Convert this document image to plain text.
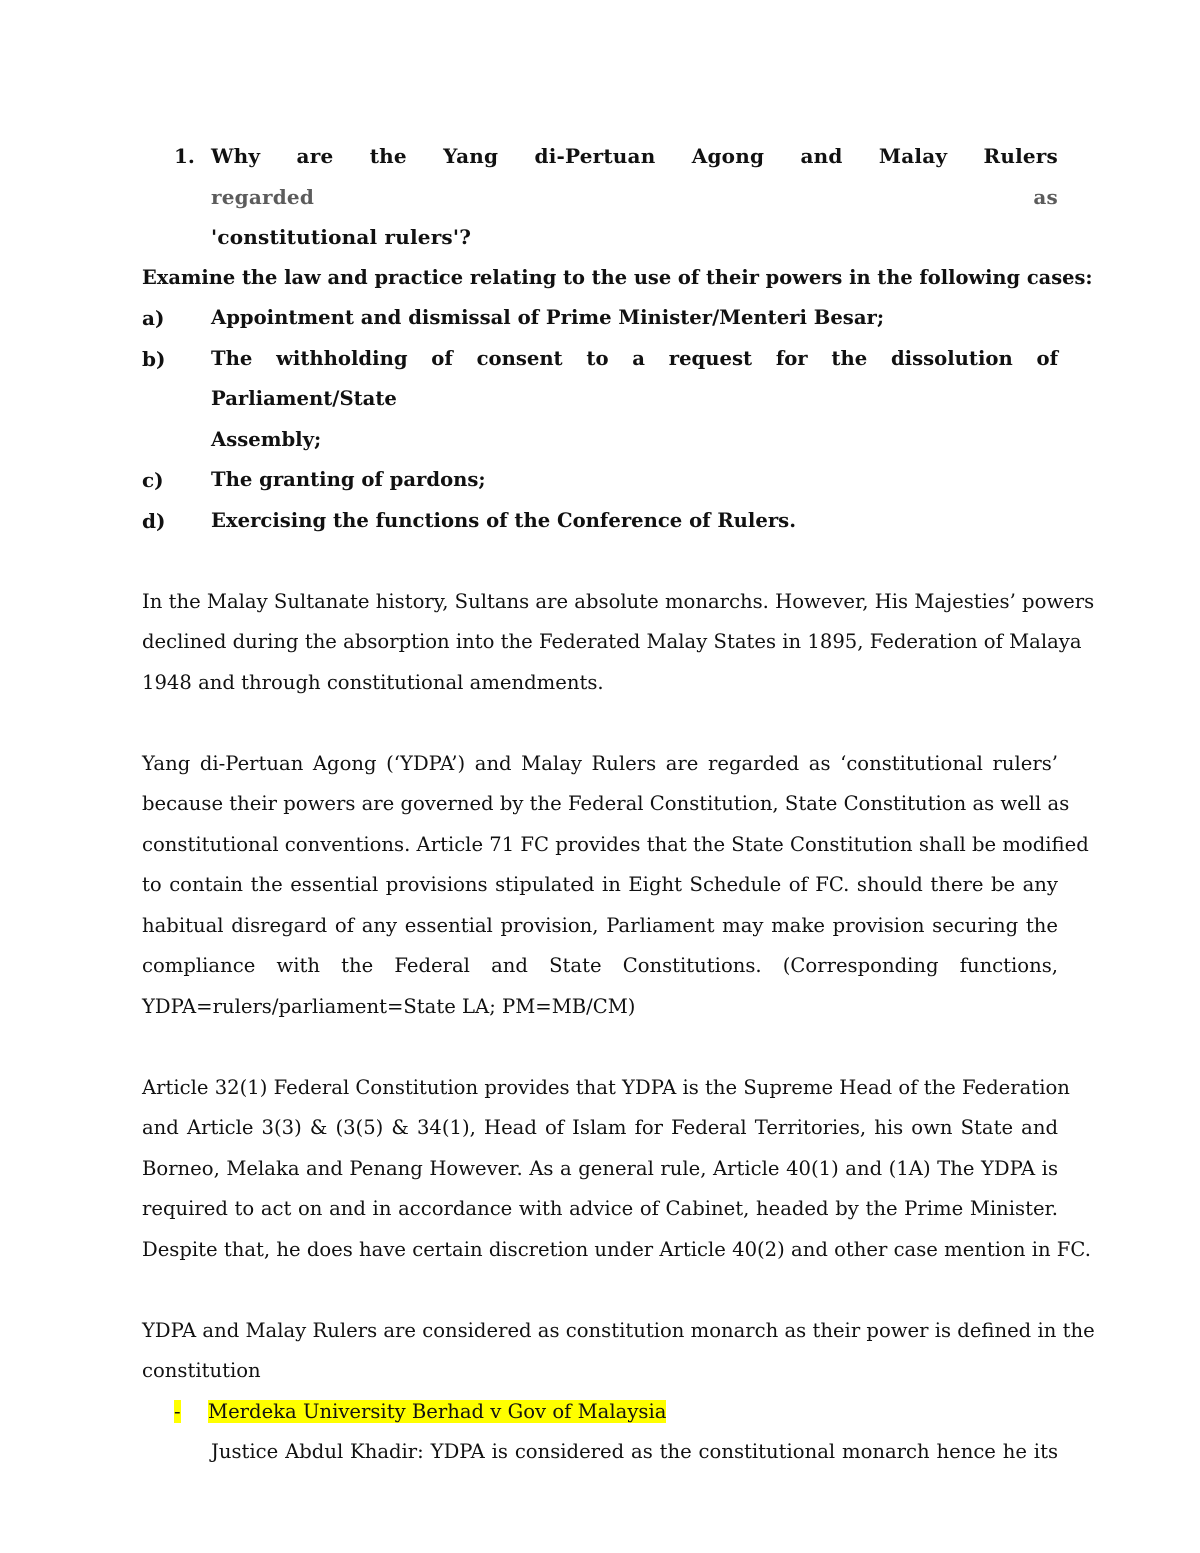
1. Why are the Yang di-Pertuan Agong and Malay Rulers regarded as
'constitutional rulers'?
Examine the law and practice relating to the use of their powers in the following cases:
a)	Appointment and dismissal of Prime Minister/Menteri Besar;
b)	The withholding of consent to a request for the dissolution of Parliament/State
Assembly;
c)	The granting of pardons;
d)	Exercising the functions of the Conference of Rulers.
In the Malay Sultanate history, Sultans are absolute monarchs. However, His Majesties’ powers
declined during the absorption into the Federated Malay States in 1895, Federation of Malaya
1948 and through constitutional amendments.
Yang di-Pertuan Agong (‘YDPA’) and Malay Rulers are regarded as ‘constitutional rulers’
because their powers are governed by the Federal Constitution, State Constitution as well as
constitutional conventions. Article 71 FC provides that the State Constitution shall be modified
to contain the essential provisions stipulated in Eight Schedule of FC. should there be any
habitual disregard of any essential provision, Parliament may make provision securing the
compliance with the Federal and State Constitutions. (Corresponding functions,
YDPA=rulers/parliament=State LA; PM=MB/CM)
Article 32(1) Federal Constitution provides that YDPA is the Supreme Head of the Federation
and Article 3(3) & (3(5) & 34(1), Head of Islam for Federal Territories, his own State and
Borneo, Melaka and Penang However. As a general rule, Article 40(1) and (1A) The YDPA is
required to act on and in accordance with advice of Cabinet, headed by the Prime Minister.
Despite that, he does have certain discretion under Article 40(2) and other case mention in FC.
YDPA and Malay Rulers are considered as constitution monarch as their power is defined in the
constitution
-	Merdeka University Berhad v Gov of Malaysia
Justice Abdul Khadir: YDPA is considered as the constitutional monarch hence he its
